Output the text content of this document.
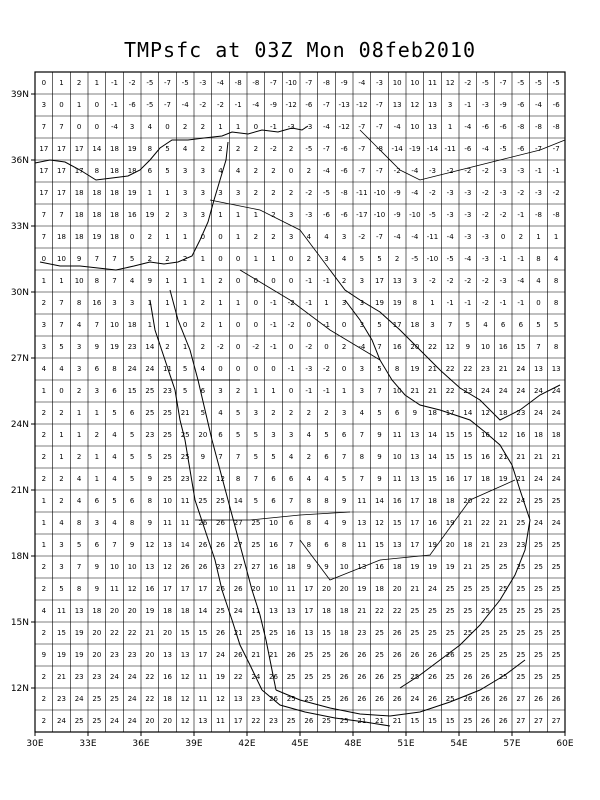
TMPsfc at 03Z Mon 08feb2010
0 1 2 1 -1 -2 -5 -7 -5 -3 -4 -8 -8 -7 -10 -7 -8 -9 -4 -3 10 10 11 12 -2 -5 -7 -5 -5 -5
3 0 1 0 -1 -6 -5 -7 -4 -2 -2 -1 -4 -9 -12 -6 -7 -13 -12 -7 13 12 13 3 -1 -3 -9 -6 -4 -6
7 7 0 0 -4 3 4 0 2 2 1 1 0 -1 -3 -3 -4 -12 -7 -7 -4 10 13 1 -4 -6 -6 -8 -8 -8
17 17 17 14 18 19 8 5 4 2 2 2 2 -2 2 -5 -7 -6 -7 -8 -14 -19 -14 -11 -6 -4 -5 -6 -7 -7
17 17 17 8 18 18 6 5 3 3 4 4 2 2 0 2 -4 -6 -7 -7 -2 -4 -3 -2 -2 -2 -3 -3 -1 -1
17 17 18 18 18 19 1 1 3 3 3 3 2 2 2 -2 -5 -8 -11 -10 -9 -4 -2 -3 -3 -2 -3 -2 -3 -2
7 7 18 18 18 16 19 2 3 3 1 1 1 2 3 -3 -6 -6 -17 -10 -9 -10 -5 -3 -3 -2 -2 -1 -8 -8
7 18 18 19 18 0 2 1 1 0 0 1 2 2 3 4 4 3 -2 -7 -4 -4 -11 -4 -3 -3 0 2 1 1
0 10 9 7 7 5 2 2 2 1 0 0 1 1 0 2 3 4 5 5 2 -5 -10 -5 -4 -3 -1 -1 8 4
1 1 10 8 7 4 9 1 1 1 2 0 0 0 0 -1 -1 2 3 17 13 3 -2 -2 -2 -2 -3 -4 4 8
2 7 8 16 3 3 1 1 1 2 1 1 0 -1 -2 -1 1 3 3 19 19 8 1 -1 -1 -2 -1 -1 0 8
3 7 4 7 10 18 1 1 0 2 1 0 0 -1 -2 0 -1 0 3 5 17 18 3 7 5 4 6 6 5 5
3 5 3 9 19 23 14 2 1 2 -2 0 -2 -1 0 -2 0 2 -4 7 16 20 22 12 9 10 16 15 7 8
4 4 3 6 8 24 24 11 5 4 0 0 0 0 -1 -3 -2 0 3 5 8 19 21 22 22 23 21 24 13 13
1 0 2 3 6 15 25 23 5 6 3 2 1 1 0 -1 -1 1 3 7 10 21 21 22 23 24 24 24 24 24
2 2 1 1 5 6 25 25 21 5 4 5 3 2 2 2 2 3 4 5 6 9 18 17 14 12 18 23 24 24
2 1 1 2 4 5 23 25 25 20 6 5 5 3 3 4 5 6 7 9 11 13 14 15 15 16 12 16 18 18
2 1 2 1 4 5 5 25 25 9 7 7 5 5 4 2 6 7 8 9 10 13 14 15 15 16 21 21 21 21
2 2 4 1 4 5 9 25 23 22 12 8 7 6 6 4 4 5 7 9 11 13 15 16 17 18 19 21 24 24
1 2 4 6 5 6 8 10 11 25 25 14 5 6 7 8 8 9 11 14 16 17 18 18 20 22 22 24 25 25
1 4 8 3 4 8 9 11 11 26 26 27 25 10 6 8 4 9 13 12 15 17 16 19 21 22 21 25 24 24
1 3 5 6 7 9 12 13 14 26 26 27 25 16 7 8 6 8 11 15 13 17 19 20 18 21 23 23 25 25
2 3 7 9 10 10 13 12 26 26 23 27 27 16 18 9 9 10 13 16 18 19 19 19 21 25 25 25 25 25
2 5 8 9 11 12 16 17 17 17 26 26 20 10 11 17 20 20 19 18 20 21 24 25 25 25 25 25 25 25
4 11 13 18 20 20 19 18 18 14 25 24 11 13 13 17 18 18 21 22 22 25 25 25 25 25 25 25 25 25
2 15 19 20 22 22 21 20 15 15 26 21 25 25 16 13 15 18 23 25 26 25 25 25 25 25 25 25 25 25
9 19 19 20 23 23 20 13 13 17 24 26 21 21 26 25 25 26 26 25 26 26 26 26 25 25 25 25 25 25
2 21 23 23 24 24 22 16 12 11 19 22 24 26 25 25 25 26 26 26 25 25 26 25 26 26 25 25 25 25
2 23 24 25 25 24 22 18 12 11 12 13 23 26 25 25 25 26 26 26 26 24 26 25 26 26 26 27 26 26
2 24 25 25 24 24 20 20 12 13 11 17 22 23 25 26 25 25 21 21 21 15 15 15 25 26 26 27 27 27
30E	33E	36E	39E	42E	45E	48E	51E	54E	57E	60E
39N
36N
33N
30N
27N
24N
21N
18N
15N
12N
